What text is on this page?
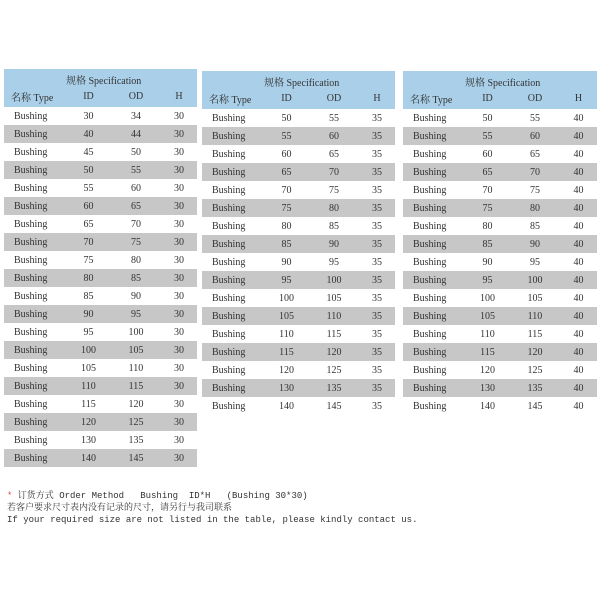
	规格 Specification		
名称 Type	ID	OD	H
Bushing	30	34	30
Bushing	40	44	30
Bushing	45	50	30
Bushing	50	55	30
Bushing	55	60	30
Bushing	60	65	30
Bushing	65	70	30
Bushing	70	75	30
Bushing	75	80	30
Bushing	80	85	30
Bushing	85	90	30
Bushing	90	95	30
Bushing	95	100	30
Bushing	100	105	30
Bushing	105	110	30
Bushing	110	115	30
Bushing	115	120	30
Bushing	120	125	30
Bushing	130	135	30
Bushing	140	145	30
	规格 Specification		
名称 Type	ID	OD	H
Bushing	50	55	35
Bushing	55	60	35
Bushing	60	65	35
Bushing	65	70	35
Bushing	70	75	35
Bushing	75	80	35
Bushing	80	85	35
Bushing	85	90	35
Bushing	90	95	35
Bushing	95	100	35
Bushing	100	105	35
Bushing	105	110	35
Bushing	110	115	35
Bushing	115	120	35
Bushing	120	125	35
Bushing	130	135	35
Bushing	140	145	35
	规格 Specification		
名称 Type	ID	OD	H
Bushing	50	55	40
Bushing	55	60	40
Bushing	60	65	40
Bushing	65	70	40
Bushing	70	75	40
Bushing	75	80	40
Bushing	80	85	40
Bushing	85	90	40
Bushing	90	95	40
Bushing	95	100	40
Bushing	100	105	40
Bushing	105	110	40
Bushing	110	115	40
Bushing	115	120	40
Bushing	120	125	40
Bushing	130	135	40
Bushing	140	145	40
* 订货方式 Order Method   Bushing  ID*H   (Bushing 30*30)
若客户要求尺寸表内没有记录的尺寸，请另行与我司联系
If your required size are not listed in the table, please kindly contact us.
